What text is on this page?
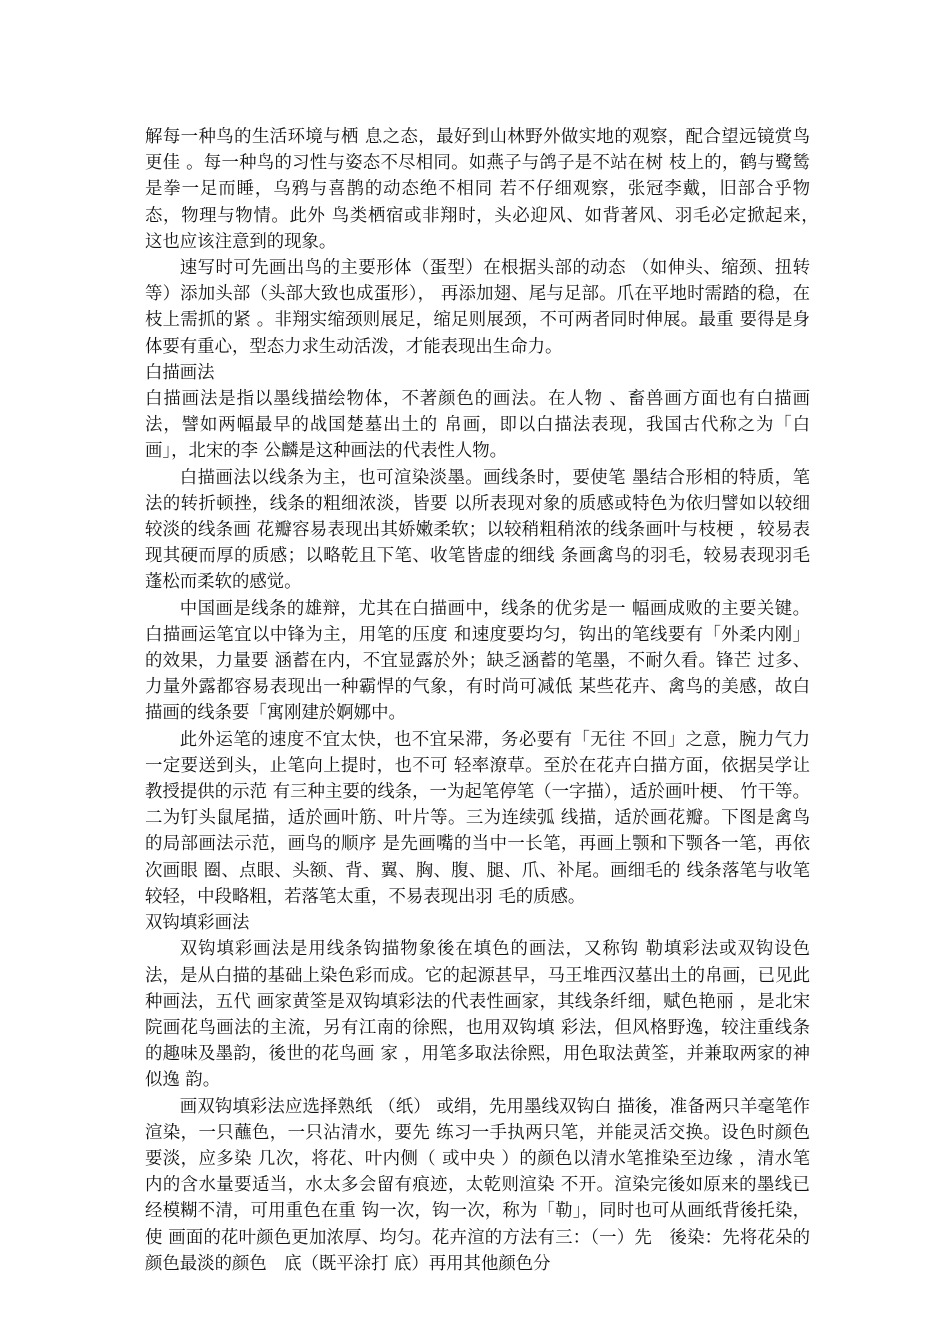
解每一种鸟的生活环境与栖 息之态，最好到山林野外做实地的观察，配合望远镜赏鸟更佳 。每一种鸟的习性与姿态不尽相同。如燕子与鸽子是不站在树 枝上的，鹤与鹭鸶是拳一足而睡，乌鸦与喜鹊的动态绝不相同 若不仔细观察，张冠李戴，旧部合乎物态，物理与物情。此外 鸟类栖宿或非翔时，头必迎风、如背著风、羽毛必定掀起来，　这也应该注意到的现象。

速写时可先画出鸟的主要形体（蛋型）在根据头部的动态 （如伸头、缩颈、扭转等）添加头部（头部大致也成蛋形）， 再添加翅、尾与足部。爪在平地时需踏的稳，在枝上需抓的紧 。非翔实缩颈则展足，缩足则展颈，不可两者同时伸展。最重 要得是身体要有重心，型态力求生动活泼，才能表现出生命力。

白描画法

白描画法是指以墨线描绘物体，不著颜色的画法。在人物 、畜兽画方面也有白描画法，譬如两幅最早的战国楚墓出土的 帛画，即以白描法表现，我国古代称之为「白画」，北宋的李 公麟是这种画法的代表性人物。

白描画法以线条为主，也可渲染淡墨。画线条时，要使笔 墨结合形相的特质，笔法的转折顿挫，线条的粗细浓淡，皆要 以所表现对象的质感或特色为依归譬如以较细较淡的线条画 花瓣容易表现出其娇嫩柔软；以较稍粗稍浓的线条画叶与枝梗 ，较易表现其硬而厚的质感；以略乾且下笔、收笔皆虚的细线 条画禽鸟的羽毛，较易表现羽毛蓬松而柔软的感觉。

中国画是线条的雄辩，尤其在白描画中，线条的优劣是一 幅画成败的主要关键。白描画运笔宜以中锋为主，用笔的压度 和速度要均匀，钩出的笔线要有「外柔内刚」的效果，力量要 涵蓄在内，不宜显露於外；缺乏涵蓄的笔墨，不耐久看。锋芒 过多、力量外露都容易表现出一种霸悍的气象，有时尚可减低 某些花卉、禽鸟的美感，故白描画的线条要「寓刚建於婀娜中。

此外运笔的速度不宜太快，也不宜呆滞，务必要有「无往 不回」之意，腕力气力一定要送到头，止笔向上提时，也不可 轻率潦草。至於在花卉白描方面，依据吴学让教授提供的示范 有三种主要的线条，一为起笔停笔（一字描），适於画叶梗、 竹干等。二为钉头鼠尾描，适於画叶筋、叶片等。三为连续弧 线描，适於画花瓣。下图是禽鸟的局部画法示范，画鸟的顺序 是先画嘴的当中一长笔，再画上颚和下颚各一笔，再依次画眼 圈、点眼、头额、背、翼、胸、腹、腿、爪、补尾。画细毛的 线条落笔与收笔较轻，中段略粗，若落笔太重，不易表现出羽 毛的质感。

双钩填彩画法

双钩填彩画法是用线条钩描物象後在填色的画法，又称钩 勒填彩法或双钩设色法，是从白描的基础上染色彩而成。它的起源甚早，马王堆西汉墓出土的帛画，已见此种画法，五代 画家黄筌是双钩填彩法的代表性画家，其线条纤细，赋色艳丽 ，是北宋院画花鸟画法的主流，另有江南的徐熙，也用双钩填 彩法，但风格野逸，较注重线条的趣味及墨韵，後世的花鸟画 家 ，用笔多取法徐熙，用色取法黄筌，并兼取两家的神似逸 韵。

画双钩填彩法应选择熟纸 （纸） 或绢，先用墨线双钩白 描後，准备两只羊毫笔作渲染，一只蘸色，一只沾清水，要先 练习一手执两只笔，并能灵活交换。设色时颜色要淡，应多染 几次，将花、叶内侧（ 或中央 ）的颜色以清水笔推染至边缘 ，清水笔内的含水量要适当，水太多会留有痕迹，太乾则渲染 不开。渲染完後如原来的墨线已经模糊不清，可用重色在重 钩一次，钩一次，称为「勒」，同时也可从画纸背後托染，使 画面的花叶颜色更加浓厚、均匀。花卉渲的方法有三：（一）先　後染：先将花朵的颜色最淡的颜色　底（既平涂打 底）再用其他颜色分
